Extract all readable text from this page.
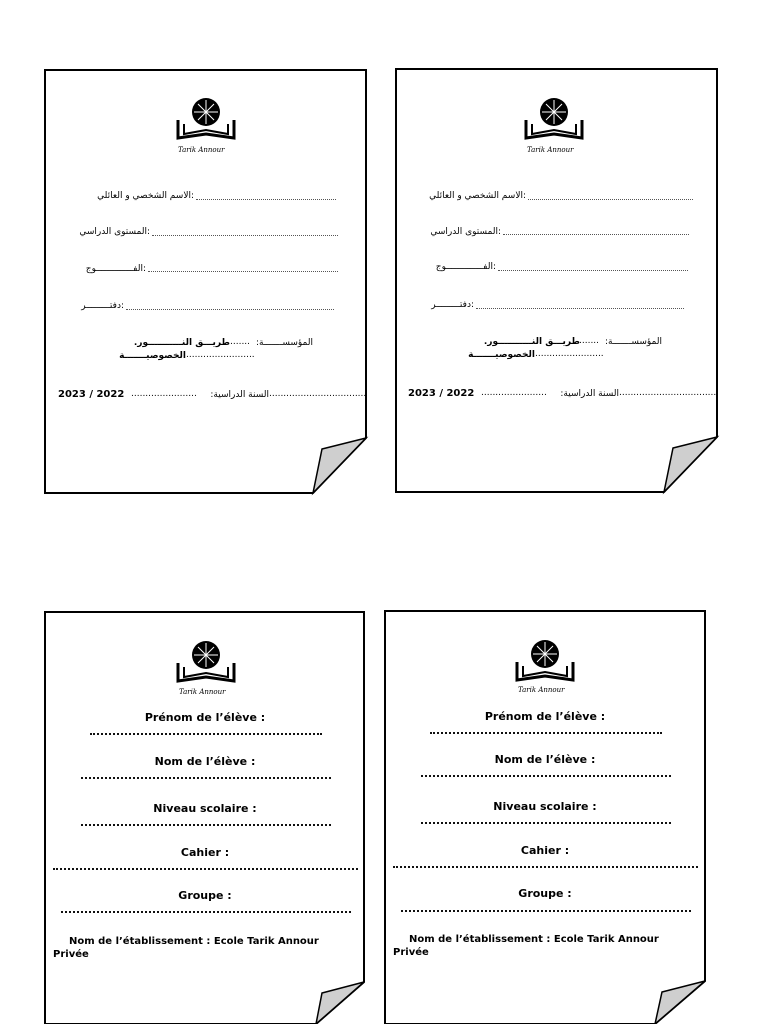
Tarik Annour
:الاسم الشخصي و العائلي
:المستوى الدراسي
:الفــــــــــــــوج
:دفتـــــــــر
المؤسســـــــة:
.......
طريـــق النـــــــــــور.
........................
الخصوصيـــــــة
2023 / 2022 .......................	السنة الدراسية: ..................................
Tarik Annour
:الاسم الشخصي و العائلي
:المستوى الدراسي
:الفــــــــــــــوج
:دفتـــــــــر
المؤسســـــــة:
.......
طريـــق النـــــــــــور.
........................
الخصوصيـــــــة
2023 / 2022 .......................	السنة الدراسية: ..................................
Tarik Annour
Prénom de l’élève :
Nom de l’élève :
Niveau scolaire :
Cahier :
Groupe :
Nom de l’établissement : Ecole Tarik Annour
Privée
Tarik Annour
Prénom de l’élève :
Nom de l’élève :
Niveau scolaire :
Cahier :
Groupe :
Nom de l’établissement : Ecole Tarik Annour
Privée
